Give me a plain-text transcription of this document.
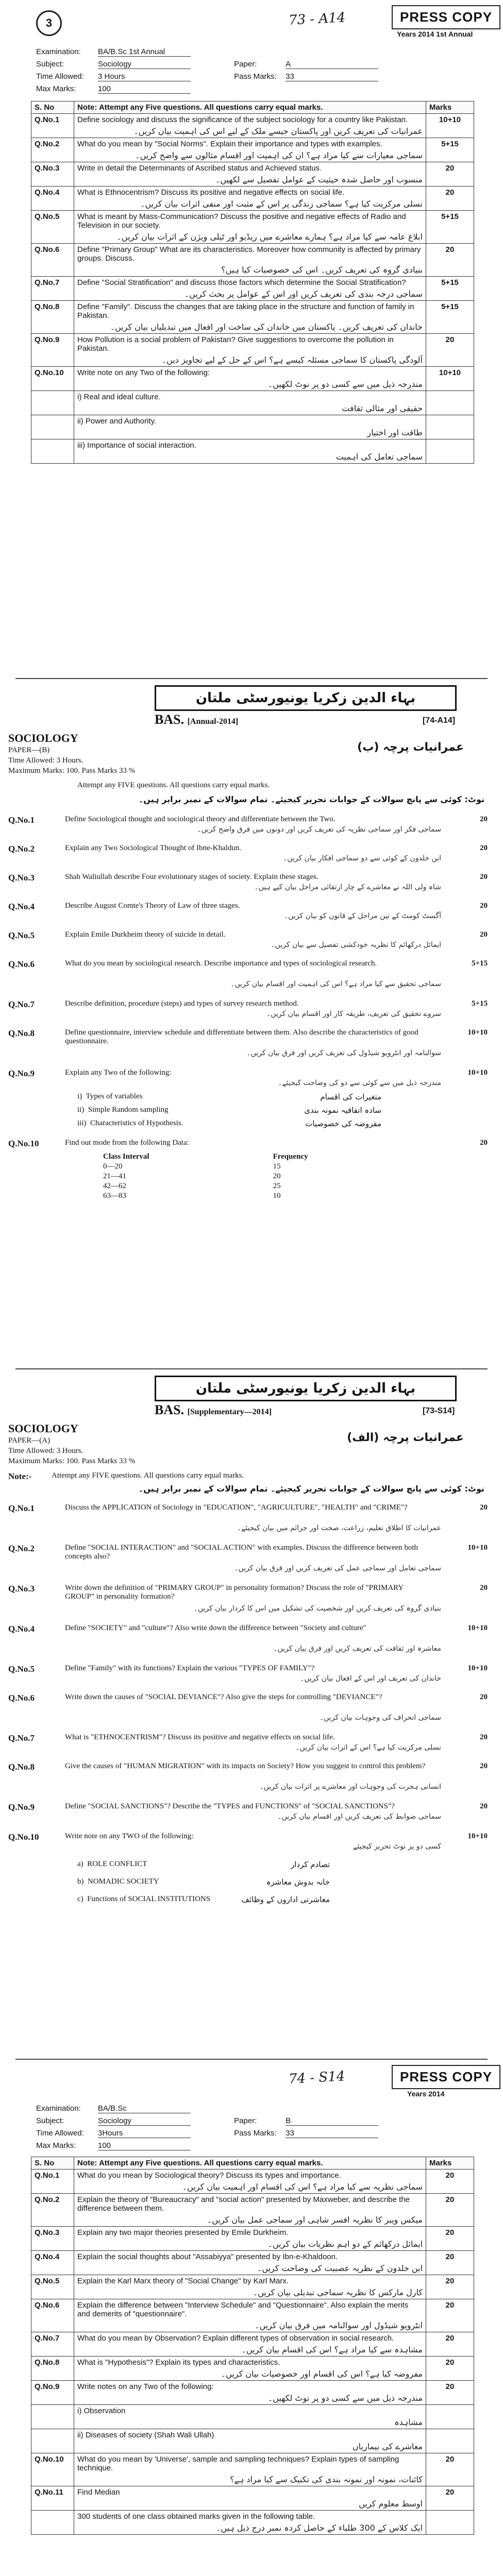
3	73 - A14	PRESS COPY
Years 2014 1st Annual
Examination: BA/B.Sc 1st Annual
Subject:	Sociology	Paper:	A
Time Allowed: 3 Hours	Pass Marks: 33
Max Marks:	100
S. No	Note: Attempt any Five questions. All questions carry equal marks.	Marks
Q.No.1	Define sociology and discuss the significance of the subject sociology for a country like Pakistan.
عمرانیات کی تعریف کریں اور پاکستان جیسے ملک کے لیے اس کی اہمیت بیان کریں۔	10+10
Q.No.2	What do you mean by "Social Norms". Explain their importance and types with examples.
سماجی معیارات سے کیا مراد ہے؟ ان کی اہمیت اور اقسام مثالوں سے واضح کریں۔	5+15
Q.No.3	Write in detail the Determinants of Ascribed status and Achieved status.
منسوب اور حاصل شدہ حیثیت کے عوامل تفصیل سے لکھیں۔	20
Q.No.4	What is Ethnocentrism? Discuss its positive and negative effects on social life.
نسلی مرکزیت کیا ہے؟ سماجی زندگی پر اس کے مثبت اور منفی اثرات بیان کریں۔	20
Q.No.5	What is meant by Mass-Communication? Discuss the positive and negative effects of Radio and Television in our society.
ابلاغ عامہ سے کیا مراد ہے؟ ہمارے معاشرے میں ریڈیو اور ٹیلی ویژن کے اثرات بیان کریں۔	5+15
Q.No.6	Define "Primary Group" What are its characteristics. Moreover how community is affected by primary groups. Discuss.
بنیادی گروہ کی تعریف کریں۔ اس کی خصوصیات کیا ہیں؟	20
Q.No.7	Define "Social Stratification" and discuss those factors which determine the Social Stratification?
سماجی درجہ بندی کی تعریف کریں اور اس کے عوامل پر بحث کریں۔	5+15
Q.No.8	Define "Family". Discuss the changes that are taking place in the structure and function of family in Pakistan.
خاندان کی تعریف کریں۔ پاکستان میں خاندان کی ساخت اور افعال میں تبدیلیاں بیان کریں۔	5+15
Q.No.9	How Pollution is a social problem of Pakistan? Give suggestions to overcome the pollution in Pakistan.
آلودگی پاکستان کا سماجی مسئلہ کیسے ہے؟ اس کے حل کے لیے تجاویز دیں۔	20
Q.No.10	Write note on any Two of the following:
مندرجہ ذیل میں سے کسی دو پر نوٹ لکھیں۔	10+10
	i) Real and ideal culture.
حقیقی اور مثالی ثقافت	

	ii) Power and Authority.
طاقت اور اختیار	

	iii) Importance of social interaction.
سماجی تعامل کی اہمیت	

بہاء الدین زکریا یونیورسٹی ملتان
BAS. [Annual-2014]	[74-A14]
SOCIOLOGY
PAPER—(B)
Time Allowed: 3 Hours.
Maximum Marks: 100. Pass Marks 33 %
عمرانیات پرچہ (ب)
Attempt any FIVE questions. All questions carry equal marks.
نوٹ: کوئی سے پانچ سوالات کے جوابات تحریر کیجیئے۔ تمام سوالات کے نمبر برابر ہیں۔
Q.No.1	Define Sociological thought and sociological theory and differentiate between the Two.	20
سماجی فکر اور سماجی نظریہ کی تعریف کریں اور دونوں میں فرق واضح کریں۔
Q.No.2	Explain any Two Sociological Thought of Ibne-Khaldun.	20
ابن خلدون کے کوئی سے دو سماجی افکار بیان کریں۔
Q.No.3	Shah Waliullah describe Four evolutionary stages of society. Explain these stages.	20
شاہ ولی اللہ نے معاشرے کے چار ارتقائی مراحل بیان کیے ہیں۔
Q.No.4	Describe August Comte's Theory of Law of three stages.	20
آگسٹ کومٹ کے تین مراحل کے قانون کو بیان کریں۔
Q.No.5	Explain Emile Durkheim theory of suicide in detail.	20
ایمائل درکھائم کا نظریہ خودکشی تفصیل سے بیان کریں۔
Q.No.6	What do you mean by sociological research. Describe importance and types of sociological research.	5+15
سماجی تحقیق سے کیا مراد ہے؟ اس کی اہمیت اور اقسام بیان کریں۔
Q.No.7	Describe definition, procedure (steps) and types of survey research method.	5+15
سروے تحقیق کی تعریف، طریقہ کار اور اقسام بیان کریں۔
Q.No.8	Define questionnaire, interview schedule and differentiate between them. Also describe the characteristics of good questionnaire.
10+10
سوالنامہ اور انٹرویو شیڈول کی تعریف کریں اور فرق بیان کریں۔
Q.No.9	Explain any Two of the following:	10+10
مندرجہ ذیل میں سے کوئی سے دو کی وضاحت کیجیئے۔
i) Types of variables	متغیرات کی اقسام
ii) Simple Random sampling	سادہ اتفاقیہ نمونہ بندی
iii) Characteristics of Hypothesis.	مفروضہ کی خصوصیات
Q.No.10	Find out mode from the following Data:	20
Class Interval		Frequency
0—20		15
21—41		20
42—62		25
63—83		10
بہاء الدین زکریا یونیورسٹی ملتان
BAS. [Supplementary—2014]	[73-S14]
SOCIOLOGY
PAPER—(A)
Time Allowed: 3 Hours.
Maximum Marks: 100. Pass Marks 33 %
عمرانیات پرچہ (الف)
Note:-	Attempt any FIVE questions. All questions carry equal marks.
نوٹ: کوئی سے پانچ سوالات کے جوابات تحریر کیجیئے۔ تمام سوالات کے نمبر برابر ہیں۔
Q.No.1	Discuss the APPLICATION of Sociology in "EDUCATION", "AGRICULTURE", "HEALTH" and "CRIME"?	20
عمرانیات کا اطلاق تعلیم، زراعت، صحت اور جرائم میں بیان کیجیئے۔
Q.No.2	Define "SOCIAL INTERACTION" and "SOCIAL ACTION" with examples. Discuss the difference between both concepts also?
10+10
سماجی تعامل اور سماجی عمل کی تعریف کریں اور فرق بیان کریں۔
Q.No.3	Write down the definition of "PRIMARY GROUP" in personality formation? Discuss the role of "PRIMARY GROUP" in personality formation?
20
بنیادی گروہ کی تعریف کریں اور شخصیت کی تشکیل میں اس کا کردار بیان کریں۔
Q.No.4	Define "SOCIETY" and "culture"? Also write down the difference between "Society and culture"	10+10
معاشرہ اور ثقافت کی تعریف کریں اور فرق بیان کریں۔
Q.No.5	Define "Family" with its functions? Explain the various "TYPES OF FAMILY"?	10+10
خاندان کی تعریف اور اس کے افعال بیان کریں۔
Q.No.6	Write down the causes of "SOCIAL DEVIANCE"? Also give the steps for controlling "DEVIANCE"?	20
سماجی انحراف کی وجوہات بیان کریں۔
Q.No.7	What is "ETHNOCENTRISM"? Discuss its positive and negative effects on social life.	20
نسلی مرکزیت کیا ہے؟ اس کے اثرات بیان کریں۔
Q.No.8	Give the causes of "HUMAN MIGRATION" with its impacts on Society? How you suggest to control this problem?	20
انسانی ہجرت کی وجوہات اور معاشرے پر اثرات بیان کریں۔
Q.No.9	Define "SOCIAL SANCTIONS"? Describe the "TYPES and FUNCTIONS" of "SOCIAL SANCTIONS"?	20
سماجی ضوابط کی تعریف کریں اور اقسام بیان کریں۔
Q.No.10	Write note on any TWO of the following:	10+10
کسی دو پر نوٹ تحریر کیجیئے
a) ROLE CONFLICT	تصادم کردار
b) NOMADIC SOCIETY	خانہ بدوش معاشرہ
c) Functions of SOCIAL INSTITUTIONS	معاشرتی اداروں کے وظائف
74 - S14	PRESS COPY
Years 2014
Examination: BA/B.Sc
Subject:	Sociology	Paper:	B
Time Allowed: 3Hours	Pass Marks: 33
Max Marks:	100
S. No	Note: Attempt any Five questions. All questions carry equal marks.	Marks
Q.No.1	What do you mean by Sociological theory? Discuss its types and importance.
سماجی نظریہ سے کیا مراد ہے؟ اس کی اقسام اور اہمیت بیان کریں۔	20
Q.No.2	Explain the theory of "Bureaucracy" and "social action" presented by Maxweber, and describe the difference between them.
میکس ویبر کا نظریہ افسر شاہی اور سماجی عمل بیان کریں۔	20
Q.No.3	Explain any two major theories presented by Emile Durkheim.
ایمائل درکھائم کے دو اہم نظریات بیان کریں۔	20
Q.No.4	Explain the social thoughts about "Assabiyya" presented by Ibn-e-Khaldoon.
ابن خلدون کے نظریہ عصبیت کی وضاحت کریں۔	20
Q.No.5	Explain the Karl Marx theory of "Social Change" by Karl Marx.
کارل مارکس کا نظریہ سماجی تبدیلی بیان کریں۔	20
Q.No.6	Explain the difference between "Interview Schedule" and "Questionnaire". Also explain the merits and demerits of "questionnaire".
انٹرویو شیڈول اور سوالنامہ میں فرق بیان کریں۔	20
Q.No.7	What do you mean by Observation? Explain different types of observation in social research.
مشاہدہ سے کیا مراد ہے؟ اس کی اقسام بیان کریں۔	20
Q.No.8	What is "Hypothesis"? Explain its types and characteristics.
مفروضہ کیا ہے؟ اس کی اقسام اور خصوصیات بیان کریں۔	20
Q.No.9	Write notes on any Two of the following:
مندرجہ ذیل میں سے کسی دو پر نوٹ لکھیں۔	20
	i) Observation
مشاہدہ	

	ii) Diseases of society (Shah Wali Ullah)
معاشرے کی بیماریاں	

Q.No.10	What do you mean by 'Universe', sample and sampling techniques? Explain types of sampling technique.
کائنات، نمونہ اور نمونہ بندی کی تکنیک سے کیا مراد ہے؟	20
Q.No.11	Find Median
اوسط معلوم کریں	20

	300 students of one class obtained marks given in the following table.
ایک کلاس کے 300 طلباء کے حاصل کردہ نمبر درج ذیل ہیں۔	
